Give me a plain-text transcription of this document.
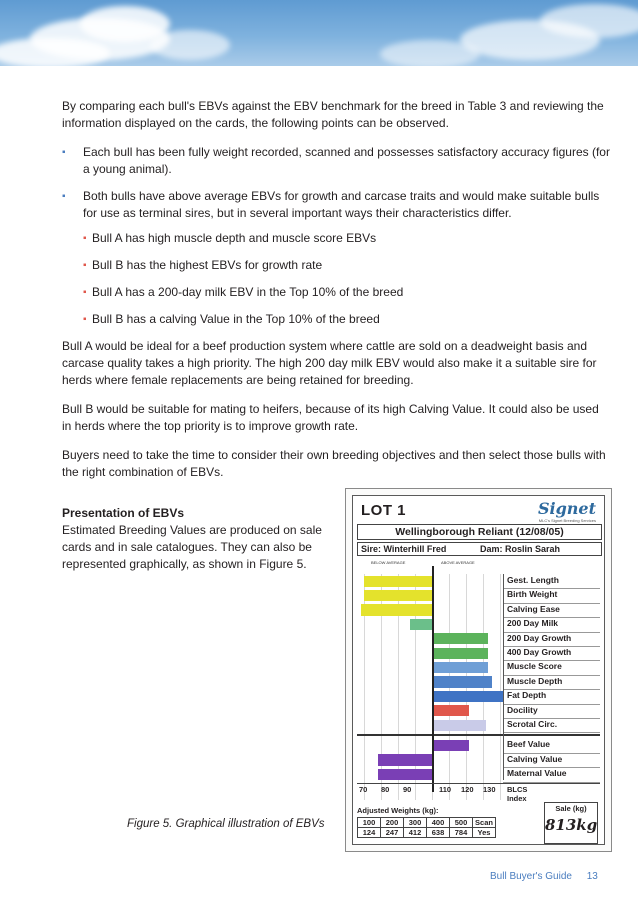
By comparing each bull's EBVs against the EBV benchmark for the breed in Table 3 and reviewing the information displayed on the cards, the following points can be observed.

▪ Each bull has been fully weight recorded, scanned and possesses satisfactory accuracy figures (for a young animal).
▪ Both bulls have above average EBVs for growth and carcase traits and would make suitable bulls for use as terminal sires, but in several important ways their characteristics differ.
▪ Bull A has high muscle depth and muscle score EBVs
▪ Bull B has the highest EBVs for growth rate
▪ Bull A has a 200-day milk EBV in the Top 10% of the breed
▪ Bull B has a calving Value in the Top 10% of the breed

Bull A would be ideal for a beef production system where cattle are sold on a deadweight basis and carcase quality takes a high priority. The high 200 day milk EBV would also make it a suitable sire for herds where female replacements are being retained for breeding.

Bull B would be suitable for mating to heifers, because of its high Calving Value. It could also be used in herds where the top priority is to improve growth rate.

Buyers need to take the time to consider their own breeding objectives and then select those bulls with the right combination of EBVs.

Presentation of EBVs

Estimated Breeding Values are produced on sale cards and in sale catalogues. They can also be represented graphically, as shown in Figure 5.

Figure 5. Graphical illustration of EBVs
LOT 1	Signet
MLC's Signet Breeding Services
Wellingborough Reliant (12/08/05)
Sire: Winterhill Fred	Dam: Roslin Sarah
BELOW AVERAGE	ABOVE AVERAGE
Gest. Length
Birth Weight
Calving Ease
200 Day Milk
200 Day Growth
400 Day Growth
Muscle Score
Muscle Depth
Fat Depth
Docility
Scrotal Circ.
Beef Value
Calving Value
Maternal Value
70 80 90	110 120 130 BLCS Index
Adjusted Weights (kg):
100	200	300	400	500	Scan
124	247	412	638	784	Yes
Sale (kg)
813kg
Bull Buyer's Guide 13
